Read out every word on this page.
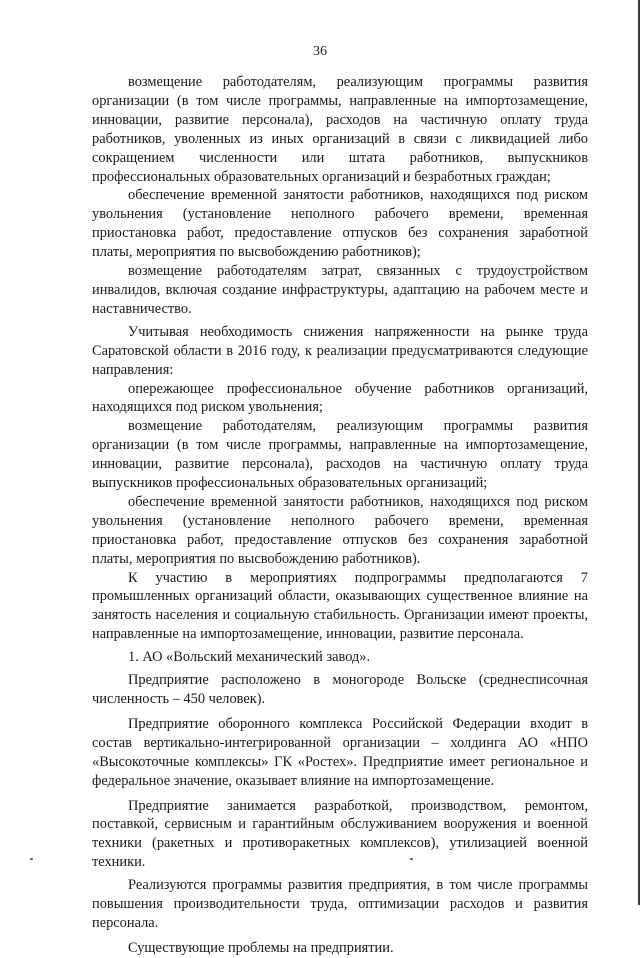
36

возмещение работодателям, реализующим программы развития организации (в том числе программы, направленные на импортозамещение, инновации, развитие персонала), расходов на частичную оплату труда работников, уволенных из иных организаций в связи с ликвидацией либо сокращением численности или штата работников, выпускников профессиональных образовательных организаций и безработных граждан;

обеспечение временной занятости работников, находящихся под риском увольнения (установление неполного рабочего времени, временная приостановка работ, предоставление отпусков без сохранения заработной платы, мероприятия по высвобождению работников);

возмещение работодателям затрат, связанных с трудоустройством инвалидов, включая создание инфраструктуры, адаптацию на рабочем месте и наставничество.

Учитывая необходимость снижения напряженности на рынке труда Саратовской области в 2016 году, к реализации предусматриваются следующие направления:

опережающее профессиональное обучение работников организаций, находящихся под риском увольнения;

возмещение работодателям, реализующим программы развития организации (в том числе программы, направленные на импортозамещение, инновации, развитие персонала), расходов на частичную оплату труда выпускников профессиональных образовательных организаций;

обеспечение временной занятости работников, находящихся под риском увольнения (установление неполного рабочего времени, временная приостановка работ, предоставление отпусков без сохранения заработной платы, мероприятия по высвобождению работников).

К участию в мероприятиях подпрограммы предполагаются 7 промышленных организаций области, оказывающих существенное влияние на занятость населения и социальную стабильность. Организации имеют проекты, направленные на импортозамещение, инновации, развитие персонала.

1. АО «Вольский механический завод».

Предприятие расположено в моногороде Вольске (среднесписочная численность – 450 человек).

Предприятие оборонного комплекса Российской Федерации входит в состав вертикально-интегрированной организации – холдинга АО «НПО «Высокоточные комплексы» ГК «Ростех». Предприятие имеет региональное и федеральное значение, оказывает влияние на импортозамещение.

Предприятие занимается разработкой, производством, ремонтом, поставкой, сервисным и гарантийным обслуживанием вооружения и военной техники (ракетных и противоракетных комплексов), утилизацией военной техники.

Реализуются программы развития предприятия, в том числе программы повышения производительности труда, оптимизации расходов и развития персонала.

Существующие проблемы на предприятии.
